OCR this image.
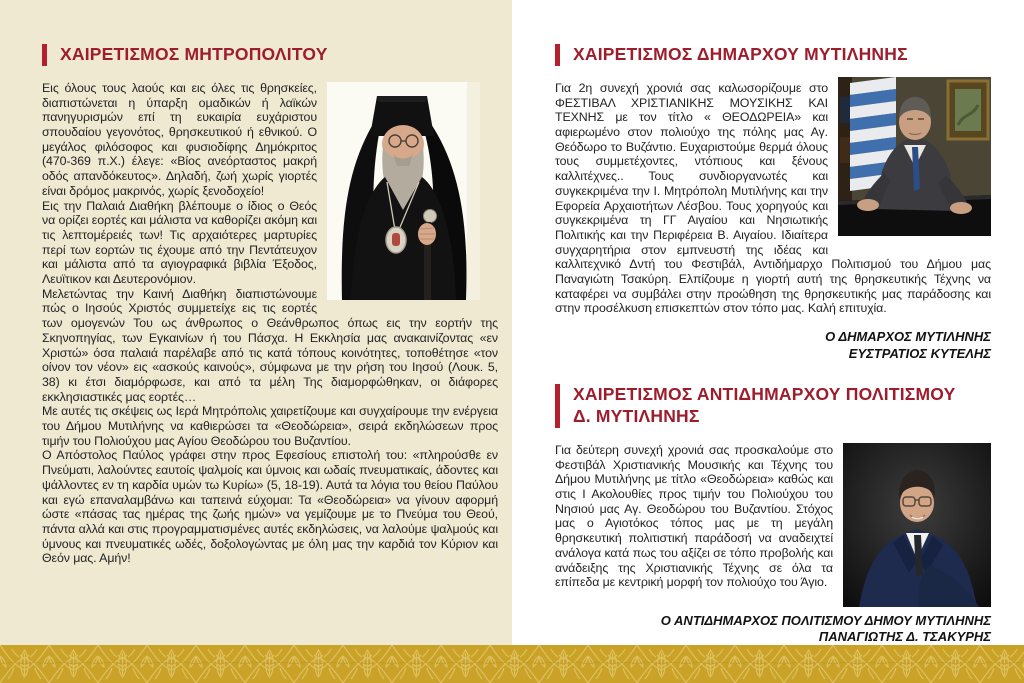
ΧΑΙΡΕΤΙΣΜΟΣ ΜΗΤΡΟΠΟΛΙΤΟΥ

Εις όλους τους λαούς και εις όλες τις θρησκείες, διαπιστώνεται η ύπαρξη ομαδικών ή λαϊκών πανηγυρισμών επί τη ευκαιρία ευχάριστου σπουδαίου γεγονότος, θρησκευτικού ή εθνικού. Ο μεγάλος φιλόσοφος και φυσιοδίφης Δημόκριτος (470-369 π.Χ.) έλεγε: «Βίος ανεόρταστος μακρή οδός απανδόκευτος». Δηλαδή, ζωή χωρίς γιορτές είναι δρόμος μακρινός, χωρίς ξενοδοχείο!

Εις την Παλαιά Διαθήκη βλέπουμε ο ίδιος ο Θεός να ορίζει εορτές και μάλιστα να καθορίζει ακόμη και τις λεπτομέρειές των! Τις αρχαιότερες μαρτυρίες περί των εορτών τις έχουμε από την Πεντάτευχον και μάλιστα από τα αγιογραφικά βιβλία Έξοδος, Λευϊτικον και Δευτερονόμιον.

Μελετώντας την Καινή Διαθήκη διαπιστώνουμε πώς ο Ιησούς Χριστός συμμετείχε εις τις εορτές των ομογενών Του ως άνθρωπος ο Θεάνθρωπος όπως εις την εορτήν της Σκηνοπηγίας, των Εγκαινίων ή του Πάσχα. Η Εκκλησία μας ανακαινίζοντας «εν Χριστώ» όσα παλαιά παρέλαβε από τις κατά τόπους κοινότητες, τοποθέτησε «τον οίνον τον νέον» εις «ασκούς καινούς», σύμφωνα με την ρήση του Ιησού (Λουκ. 5, 38) κι έτσι διαμόρφωσε, και από τα μέλη Της διαμορφώθηκαν, οι διάφορες εκκλησιαστικές μας εορτές…

Με αυτές τις σκέψεις ως Ιερά Μητρόπολις χαιρετίζουμε και συγχαίρουμε την ενέργεια του Δήμου Μυτιλήνης να καθιερώσει τα «Θεοδώρεια», σειρά εκδηλώσεων προς τιμήν του Πολιούχου μας Αγίου Θεοδώρου του Βυζαντίου.

Ο Απόστολος Παύλος γράφει στην προς Εφεσίους επιστολή του: «πληρούσθε εν Πνεύματι, λαλούντες εαυτοίς ψαλμοίς και ύμνοις και ωδαίς πνευματικαίς, άδοντες και ψάλλοντες εν τη καρδία υμών τω Κυρίω» (5, 18-19). Αυτά τα λόγια του θείου Παύλου και εγώ επαναλαμβάνω και ταπεινά εύχομαι: Τα «Θεοδώρεια» να γίνουν αφορμή ώστε «πάσας τας ημέρας της ζωής ημών» να γεμίζουμε με το Πνεύμα του Θεού, πάντα αλλά και στις προγραμματισμένες αυτές εκδηλώσεις, να λαλούμε ψαλμούς και ύμνους και πνευματικές ωδές, δοξολογώντας με όλη μας την καρδιά τον Κύριον και Θεόν μας. Αμήν!

ΧΑΙΡΕΤΙΣΜΟΣ ΔΗΜΑΡΧΟΥ ΜΥΤΙΛΗΝΗΣ

Για 2η συνεχή χρονιά σας καλωσορίζουμε στο ΦΕΣΤΙΒΑΛ ΧΡΙΣΤΙΑΝΙΚΗΣ ΜΟΥΣΙΚΗΣ ΚΑΙ ΤΕΧΝΗΣ με τον τίτλο « ΘΕΟΔΩΡΕΙΑ» και αφιερωμένο στον πολιούχο της πόλης μας Αγ. Θεόδωρο το Βυζάντιο. Ευχαριστούμε θερμά όλους τους συμμετέχοντες, ντόπιους και ξένους καλλιτέχνες.. Τους συνδιοργανωτές και συγκεκριμένα την Ι. Μητρόπολη Μυτιλήνης και την Εφορεία Αρχαιοτήτων Λέσβου. Τους χορηγούς και συγκεκριμένα τη ΓΓ Αιγαίου και Νησιωτικής Πολιτικής και την Περιφέρεια Β. Αιγαίου. Ιδιαίτερα συγχαρητήρια στον εμπνευστή της ιδέας και καλλιτεχνικό Δντή του Φεστιβάλ, Αντιδήμαρχο Πολιτισμού του Δήμου μας Παναγιώτη Τσακύρη. Ελπίζουμε η γιορτή αυτή της θρησκευτικής Τέχνης να καταφέρει να συμβάλει στην προώθηση της θρησκευτικής μας παράδοσης και στην προσέλκυση επισκεπτών στον τόπο μας. Καλή επιτυχία.

Ο ΔΗΜΑΡΧΟΣ ΜΥΤΙΛΗΝΗΣ
ΕΥΣΤΡΑΤΙΟΣ ΚΥΤΕΛΗΣ
ΧΑΙΡΕΤΙΣΜΟΣ ΑΝΤΙΔΗΜΑΡΧΟΥ ΠΟΛΙΤΙΣΜΟΥ
Δ. ΜΥΤΙΛΗΝΗΣ

Για δεύτερη συνεχή χρονιά σας προσκαλούμε στο Φεστιβάλ Χριστιανικής Μουσικής και Τέχνης του Δήμου Μυτιλήνης με τίτλο «Θεοδώρεια» καθώς και στις Ι Ακολουθίες προς τιμήν του Πολιούχου του Νησιού μας Αγ. Θεοδώρου του Βυζαντίου. Στόχος μας ο Αγιοτόκος τόπος μας με τη μεγάλη θρησκευτική πολιτιστική παράδοσή να αναδειχτεί ανάλογα κατά πως του αξίζει σε τόπο προβολής και ανάδειξης της Χριστιανικής Τέχνης σε όλα τα επίπεδα με κεντρική μορφή τον πολιούχο του Άγιο.

Ο ΑΝΤΙΔΗΜΑΡΧΟΣ ΠΟΛΙΤΙΣΜΟΥ ΔΗΜΟΥ ΜΥΤΙΛΗΝΗΣ
ΠΑΝΑΓΙΩΤΗΣ Δ. ΤΣΑΚΥΡΗΣ
